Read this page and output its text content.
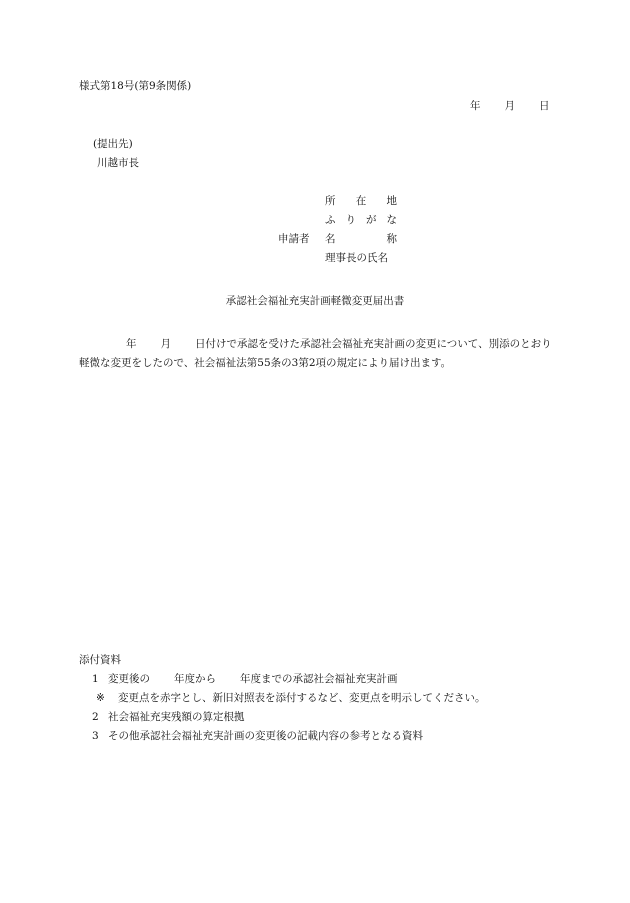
様式第18号(第9条関係)
年 月 日
(提出先)
川越市長
所 在 地
ふ り が な
申請者 名	称
理事長の氏名
承認社会福祉充実計画軽微変更届出書
年 月 日付けで承認を受けた承認社会福祉充実計画の変更について、別添のとおり軽微な変更をしたので、社会福祉法第55条の3第2項の規定により届け出ます。
添付資料
1 変更後の 年度から 年度までの承認社会福祉充実計画
※ 変更点を赤字とし、新旧対照表を添付するなど、変更点を明示してください。
2 社会福祉充実残額の算定根拠
3 その他承認社会福祉充実計画の変更後の記載内容の参考となる資料
